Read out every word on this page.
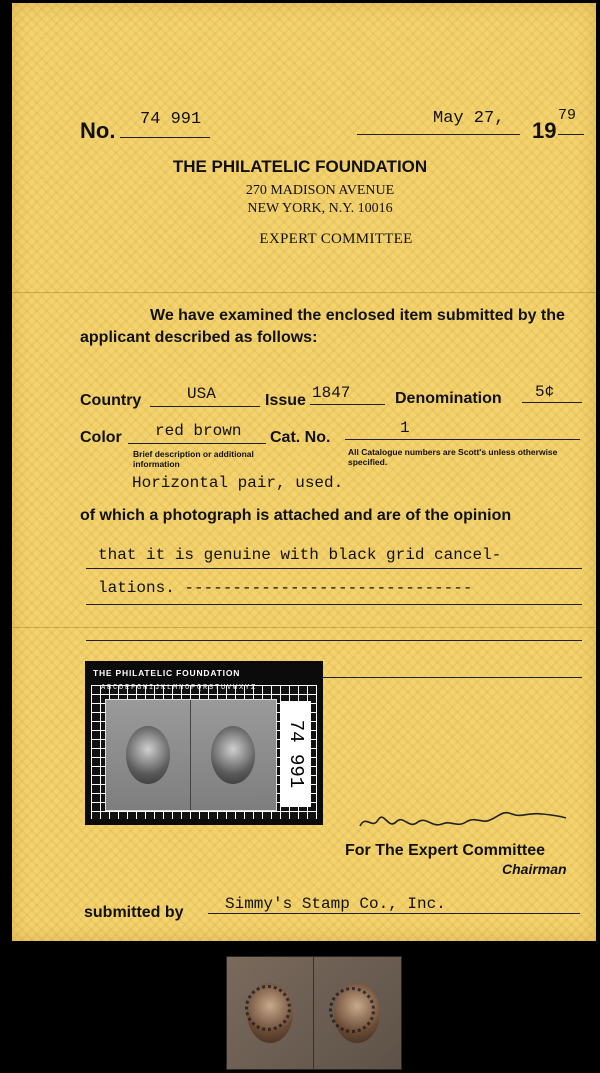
No. 74 991	May 27, 19
79
THE PHILATELIC FOUNDATION
270 MADISON AVENUE
NEW YORK, N.Y. 10016
EXPERT COMMITTEE
We have examined the enclosed item submitted by the
applicant described as follows:
Country	USA	Issue 1847	Denomination 5¢
Color red brown Cat. No.
1
Brief description or additional information
All Catalogue numbers are Scott's unless otherwise specified.
Horizontal pair, used.
of which a photograph is attached and are of the opinion
that it is genuine with black grid cancel-
lations. ------------------------------
THE PHILATELIC FOUNDATION
ABCDEFGHIJKLMNOPQRSTUVWXYZ
74 991
For The Expert Committee
Chairman
submitted by	Simmy's Stamp Co., Inc.
